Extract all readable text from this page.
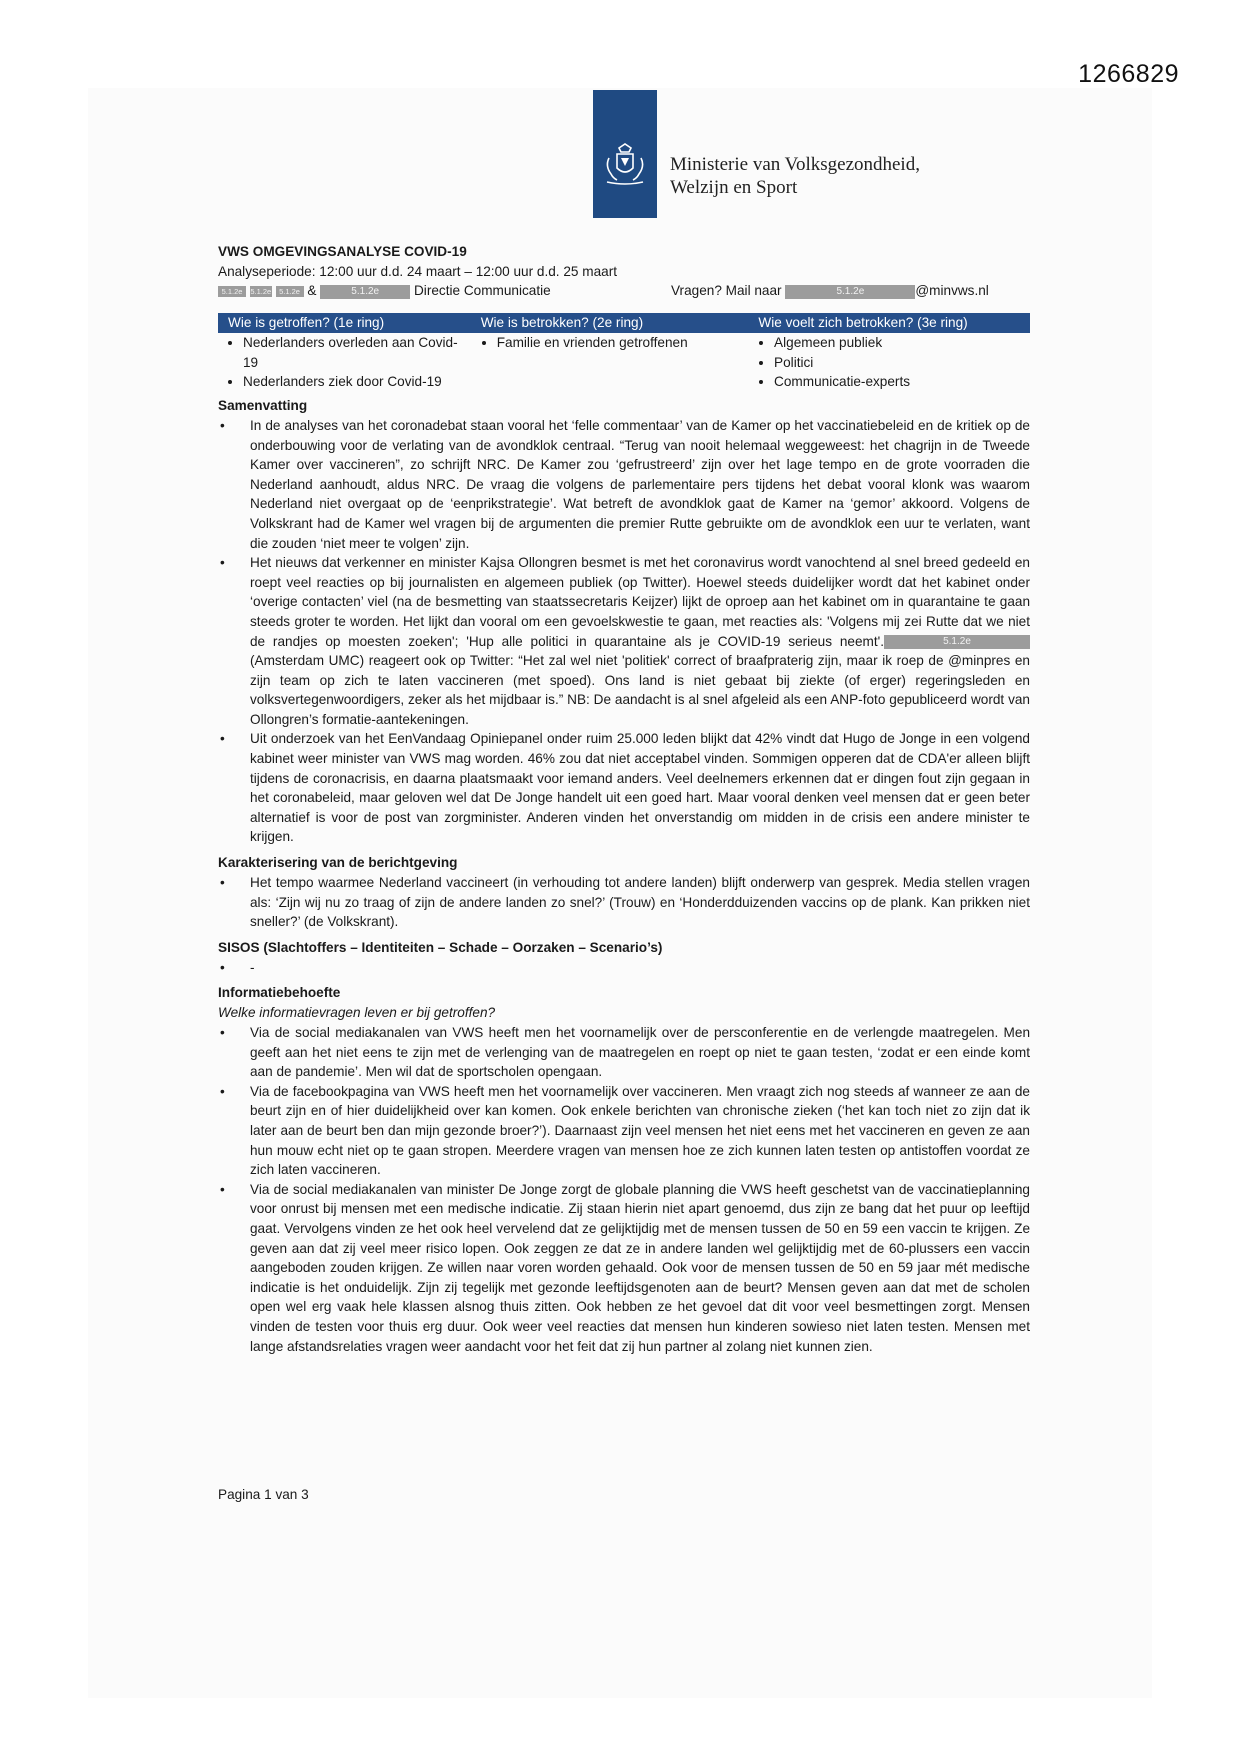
1266829
Ministerie van Volksgezondheid,
Welzijn en Sport
VWS OMGEVINGSANALYSE COVID-19
Analyseperiode: 12:00 uur d.d. 24 maart – 12:00 uur d.d. 25 maart
5.1.2e 5.1.2e 5.1.2e &	5.1.2e	Directie Communicatie	Vragen? Mail naar	5.1.2e	@minvws.nl
Wie is getroffen? (1e ring)	Wie is betrokken? (2e ring)	Wie voelt zich betrokken? (3e ring)
• Nederlanders overleden aan Covid-19
• Nederlanders ziek door Covid-19
• Familie en vrienden getroffenen
•	Algemeen publiek
• Politici
• Communicatie-experts
Samenvatting
• In de analyses van het coronadebat staan vooral het ‘felle commentaar’ van de Kamer op het vaccinatiebeleid en de kritiek op de onderbouwing voor de verlating van de avondklok centraal. “Terug van nooit helemaal weggeweest: het chagrijn in de Tweede Kamer over vaccineren”, zo schrijft NRC. De Kamer zou ‘gefrustreerd’ zijn over het lage tempo en de grote voorraden die Nederland aanhoudt, aldus NRC. De vraag die volgens de parlementaire pers tijdens het debat vooral klonk was waarom Nederland niet overgaat op de ‘eenprikstrategie’. Wat betreft de avondklok gaat de Kamer na ‘gemor’ akkoord. Volgens de Volkskrant had de Kamer wel vragen bij de argumenten die premier Rutte gebruikte om de avondklok een uur te verlaten, want die zouden ‘niet meer te volgen’ zijn.
• Het nieuws dat verkenner en minister Kajsa Ollongren besmet is met het coronavirus wordt vanochtend al snel breed gedeeld en roept veel reacties op bij journalisten en algemeen publiek (op Twitter). Hoewel steeds duidelijker wordt dat het kabinet onder ‘overige contacten’ viel (na de besmetting van staatssecretaris Keijzer) lijkt de oproep aan het kabinet om in quarantaine te gaan steeds groter te worden. Het lijkt dan vooral om een gevoelskwestie te gaan, met reacties als: 'Volgens mij zei Rutte dat we niet de randjes op moesten zoeken'; 'Hup alle politici in quarantaine als je COVID-19 serieus neemt'.	5.1.2e(Amsterdam UMC) reageert ook op Twitter: “Het zal wel niet 'politiek' correct of braafpraterig zijn, maar ik roep de @minpres en zijn team op zich te laten vaccineren (met spoed). Ons land is niet gebaat bij ziekte (of erger) regeringsleden en volksvertegenwoordigers, zeker als het mijdbaar is.” NB: De aandacht is al snel afgeleid als een ANP-foto gepubliceerd wordt van Ollongren’s formatie-aantekeningen.
• Uit onderzoek van het EenVandaag Opiniepanel onder ruim 25.000 leden blijkt dat 42% vindt dat Hugo de Jonge in een volgend kabinet weer minister van VWS mag worden. 46% zou dat niet acceptabel vinden. Sommigen opperen dat de CDA'er alleen blijft tijdens de coronacrisis, en daarna plaatsmaakt voor iemand anders. Veel deelnemers erkennen dat er dingen fout zijn gegaan in het coronabeleid, maar geloven wel dat De Jonge handelt uit een goed hart. Maar vooral denken veel mensen dat er geen beter alternatief is voor de post van zorgminister. Anderen vinden het onverstandig om midden in de crisis een andere minister te krijgen.
Karakterisering van de berichtgeving
• Het tempo waarmee Nederland vaccineert (in verhouding tot andere landen) blijft onderwerp van gesprek. Media stellen vragen als: ‘Zijn wij nu zo traag of zijn de andere landen zo snel?’ (Trouw) en ‘Honderdduizenden vaccins op de plank. Kan prikken niet sneller?’ (de Volkskrant).
SISOS (Slachtoffers – Identiteiten – Schade – Oorzaken – Scenario’s)
• -
Informatiebehoefte
Welke informatievragen leven er bij getroffen?
• Via de social mediakanalen van VWS heeft men het voornamelijk over de persconferentie en de verlengde maatregelen. Men geeft aan het niet eens te zijn met de verlenging van de maatregelen en roept op niet te gaan testen, ‘zodat er een einde komt aan de pandemie’. Men wil dat de sportscholen opengaan.
• Via de facebookpagina van VWS heeft men het voornamelijk over vaccineren. Men vraagt zich nog steeds af wanneer ze aan de beurt zijn en of hier duidelijkheid over kan komen. Ook enkele berichten van chronische zieken (‘het kan toch niet zo zijn dat ik later aan de beurt ben dan mijn gezonde broer?’). Daarnaast zijn veel mensen het niet eens met het vaccineren en geven ze aan hun mouw echt niet op te gaan stropen. Meerdere vragen van mensen hoe ze zich kunnen laten testen op antistoffen voordat ze zich laten vaccineren.
• Via de social mediakanalen van minister De Jonge zorgt de globale planning die VWS heeft geschetst van de vaccinatieplanning voor onrust bij mensen met een medische indicatie. Zij staan hierin niet apart genoemd, dus zijn ze bang dat het puur op leeftijd gaat. Vervolgens vinden ze het ook heel vervelend dat ze gelijktijdig met de mensen tussen de 50 en 59 een vaccin te krijgen. Ze geven aan dat zij veel meer risico lopen. Ook zeggen ze dat ze in andere landen wel gelijktijdig met de 60-plussers een vaccin aangeboden zouden krijgen. Ze willen naar voren worden gehaald. Ook voor de mensen tussen de 50 en 59 jaar mét medische indicatie is het onduidelijk. Zijn zij tegelijk met gezonde leeftijdsgenoten aan de beurt? Mensen geven aan dat met de scholen open wel erg vaak hele klassen alsnog thuis zitten. Ook hebben ze het gevoel dat dit voor veel besmettingen zorgt. Mensen vinden de testen voor thuis erg duur. Ook weer veel reacties dat mensen hun kinderen sowieso niet laten testen. Mensen met lange afstandsrelaties vragen weer aandacht voor het feit dat zij hun partner al zolang niet kunnen zien.
Pagina 1 van 3
